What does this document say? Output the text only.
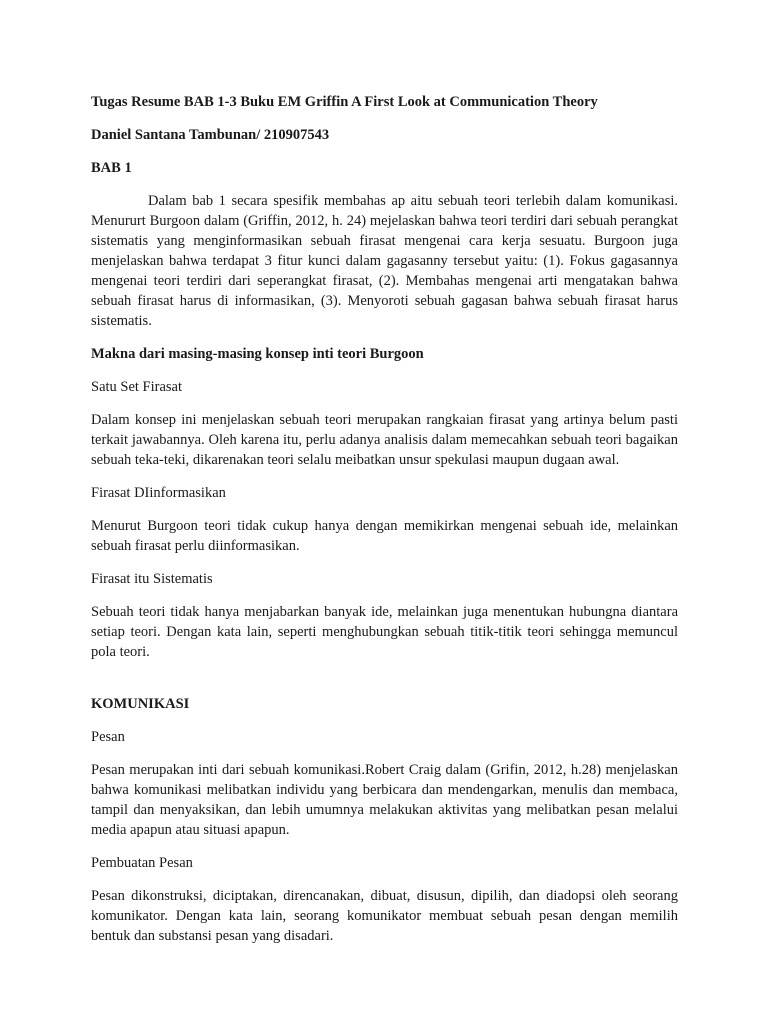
Tugas Resume BAB 1-3 Buku EM Griffin A First Look at Communication Theory
Daniel Santana Tambunan/ 210907543
BAB 1

Dalam bab 1 secara spesifik membahas ap aitu sebuah teori terlebih dalam komunikasi. Menururt Burgoon dalam (Griffin, 2012, h. 24) mejelaskan bahwa teori terdiri dari sebuah perangkat sistematis yang menginformasikan sebuah firasat mengenai cara kerja sesuatu. Burgoon juga menjelaskan bahwa terdapat 3 fitur kunci dalam gagasanny tersebut yaitu: (1). Fokus gagasannya mengenai teori terdiri dari seperangkat firasat, (2). Membahas mengenai arti mengatakan bahwa sebuah firasat harus di informasikan, (3). Menyoroti sebuah gagasan bahwa sebuah firasat harus sistematis.

Makna dari masing-masing konsep inti teori Burgoon
Satu Set Firasat

Dalam konsep ini menjelaskan sebuah teori merupakan rangkaian firasat yang artinya belum pasti terkait jawabannya. Oleh karena itu, perlu adanya analisis dalam memecahkan sebuah teori bagaikan sebuah teka-teki, dikarenakan teori selalu meibatkan unsur spekulasi maupun dugaan awal.

Firasat DIinformasikan

Menurut Burgoon teori tidak cukup hanya dengan memikirkan mengenai sebuah ide, melainkan sebuah firasat perlu diinformasikan.

Firasat itu Sistematis

Sebuah teori tidak hanya menjabarkan banyak ide, melainkan juga menentukan hubungna diantara setiap teori. Dengan kata lain, seperti menghubungkan sebuah titik-titik teori sehingga memuncul pola teori.

KOMUNIKASI
Pesan

Pesan merupakan inti dari sebuah komunikasi.Robert Craig dalam (Grifin, 2012, h.28) menjelaskan bahwa komunikasi melibatkan individu yang berbicara dan mendengarkan, menulis dan membaca, tampil dan menyaksikan, dan lebih umumnya melakukan aktivitas yang melibatkan pesan melalui media apapun atau situasi apapun.

Pembuatan Pesan

Pesan dikonstruksi, diciptakan, direncanakan, dibuat, disusun, dipilih, dan diadopsi oleh seorang komunikator. Dengan kata lain, seorang komunikator membuat sebuah pesan dengan memilih bentuk dan substansi pesan yang disadari.
